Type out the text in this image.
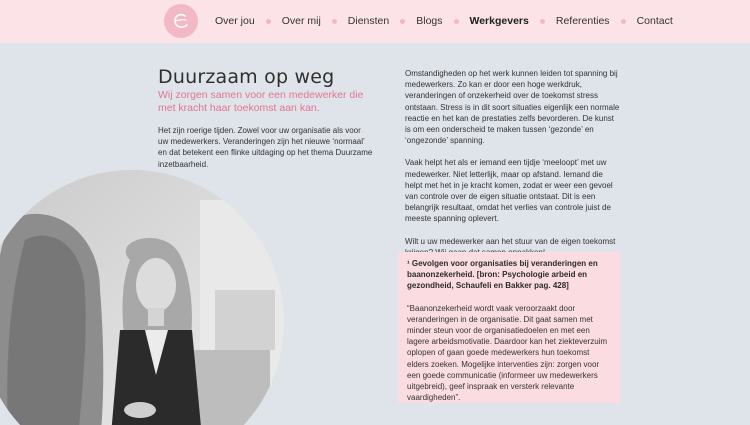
Over jou	Over mij	Diensten	Blogs	Werkgevers	Referenties	Contact
Duurzaam op weg

Wij zorgen samen voor een medewerker die met kracht haar toekomst aan kan.

Het zijn roerige tijden. Zowel voor uw organisatie als voor uw medewerkers. Veranderingen zijn het nieuwe ‘normaal’ en dat betekent een flinke uitdaging op het thema Duurzame inzetbaarheid.

Omstandigheden op het werk kunnen leiden tot spanning bij medewerkers. Zo kan er door een hoge werkdruk, veranderingen of onzekerheid over de toekomst stress ontstaan. Stress is in dit soort situaties eigenlijk een normale reactie en het kan de prestaties zelfs bevorderen. De kunst is om een onderscheid te maken tussen ‘gezonde’ en ‘ongezonde’ spanning.

Vaak helpt het als er iemand een tijdje ‘meeloopt’ met uw medewerker. Niet letterlijk, maar op afstand. Iemand die helpt met het in je kracht komen, zodat er weer een gevoel van controle over de eigen situatie ontstaat. Dit is een belangrijk resultaat, omdat het verlies van controle juist de meeste spanning oplevert.

Wilt u uw medewerker aan het stuur van de eigen toekomst

¹ Gevolgen voor organisaties bij veranderingen en baanonzekerheid. [bron: Psychologie arbeid en gezondheid, Schaufeli en Bakker pag. 428]

“Baanonzekerheid wordt vaak veroorzaakt door veranderingen in de organisatie. Dit gaat samen met minder steun voor de organisatiedoelen en met een lagere arbeidsmotivatie. Daardoor kan het ziekteverzuim oplopen of gaan goede medewerkers hun toekomst elders zoeken. Mogelijke interventies zijn: zorgen voor een goede communicatie (informeer uw medewerkers uitgebreid), geef inspraak en versterk relevante vaardigheden”.
